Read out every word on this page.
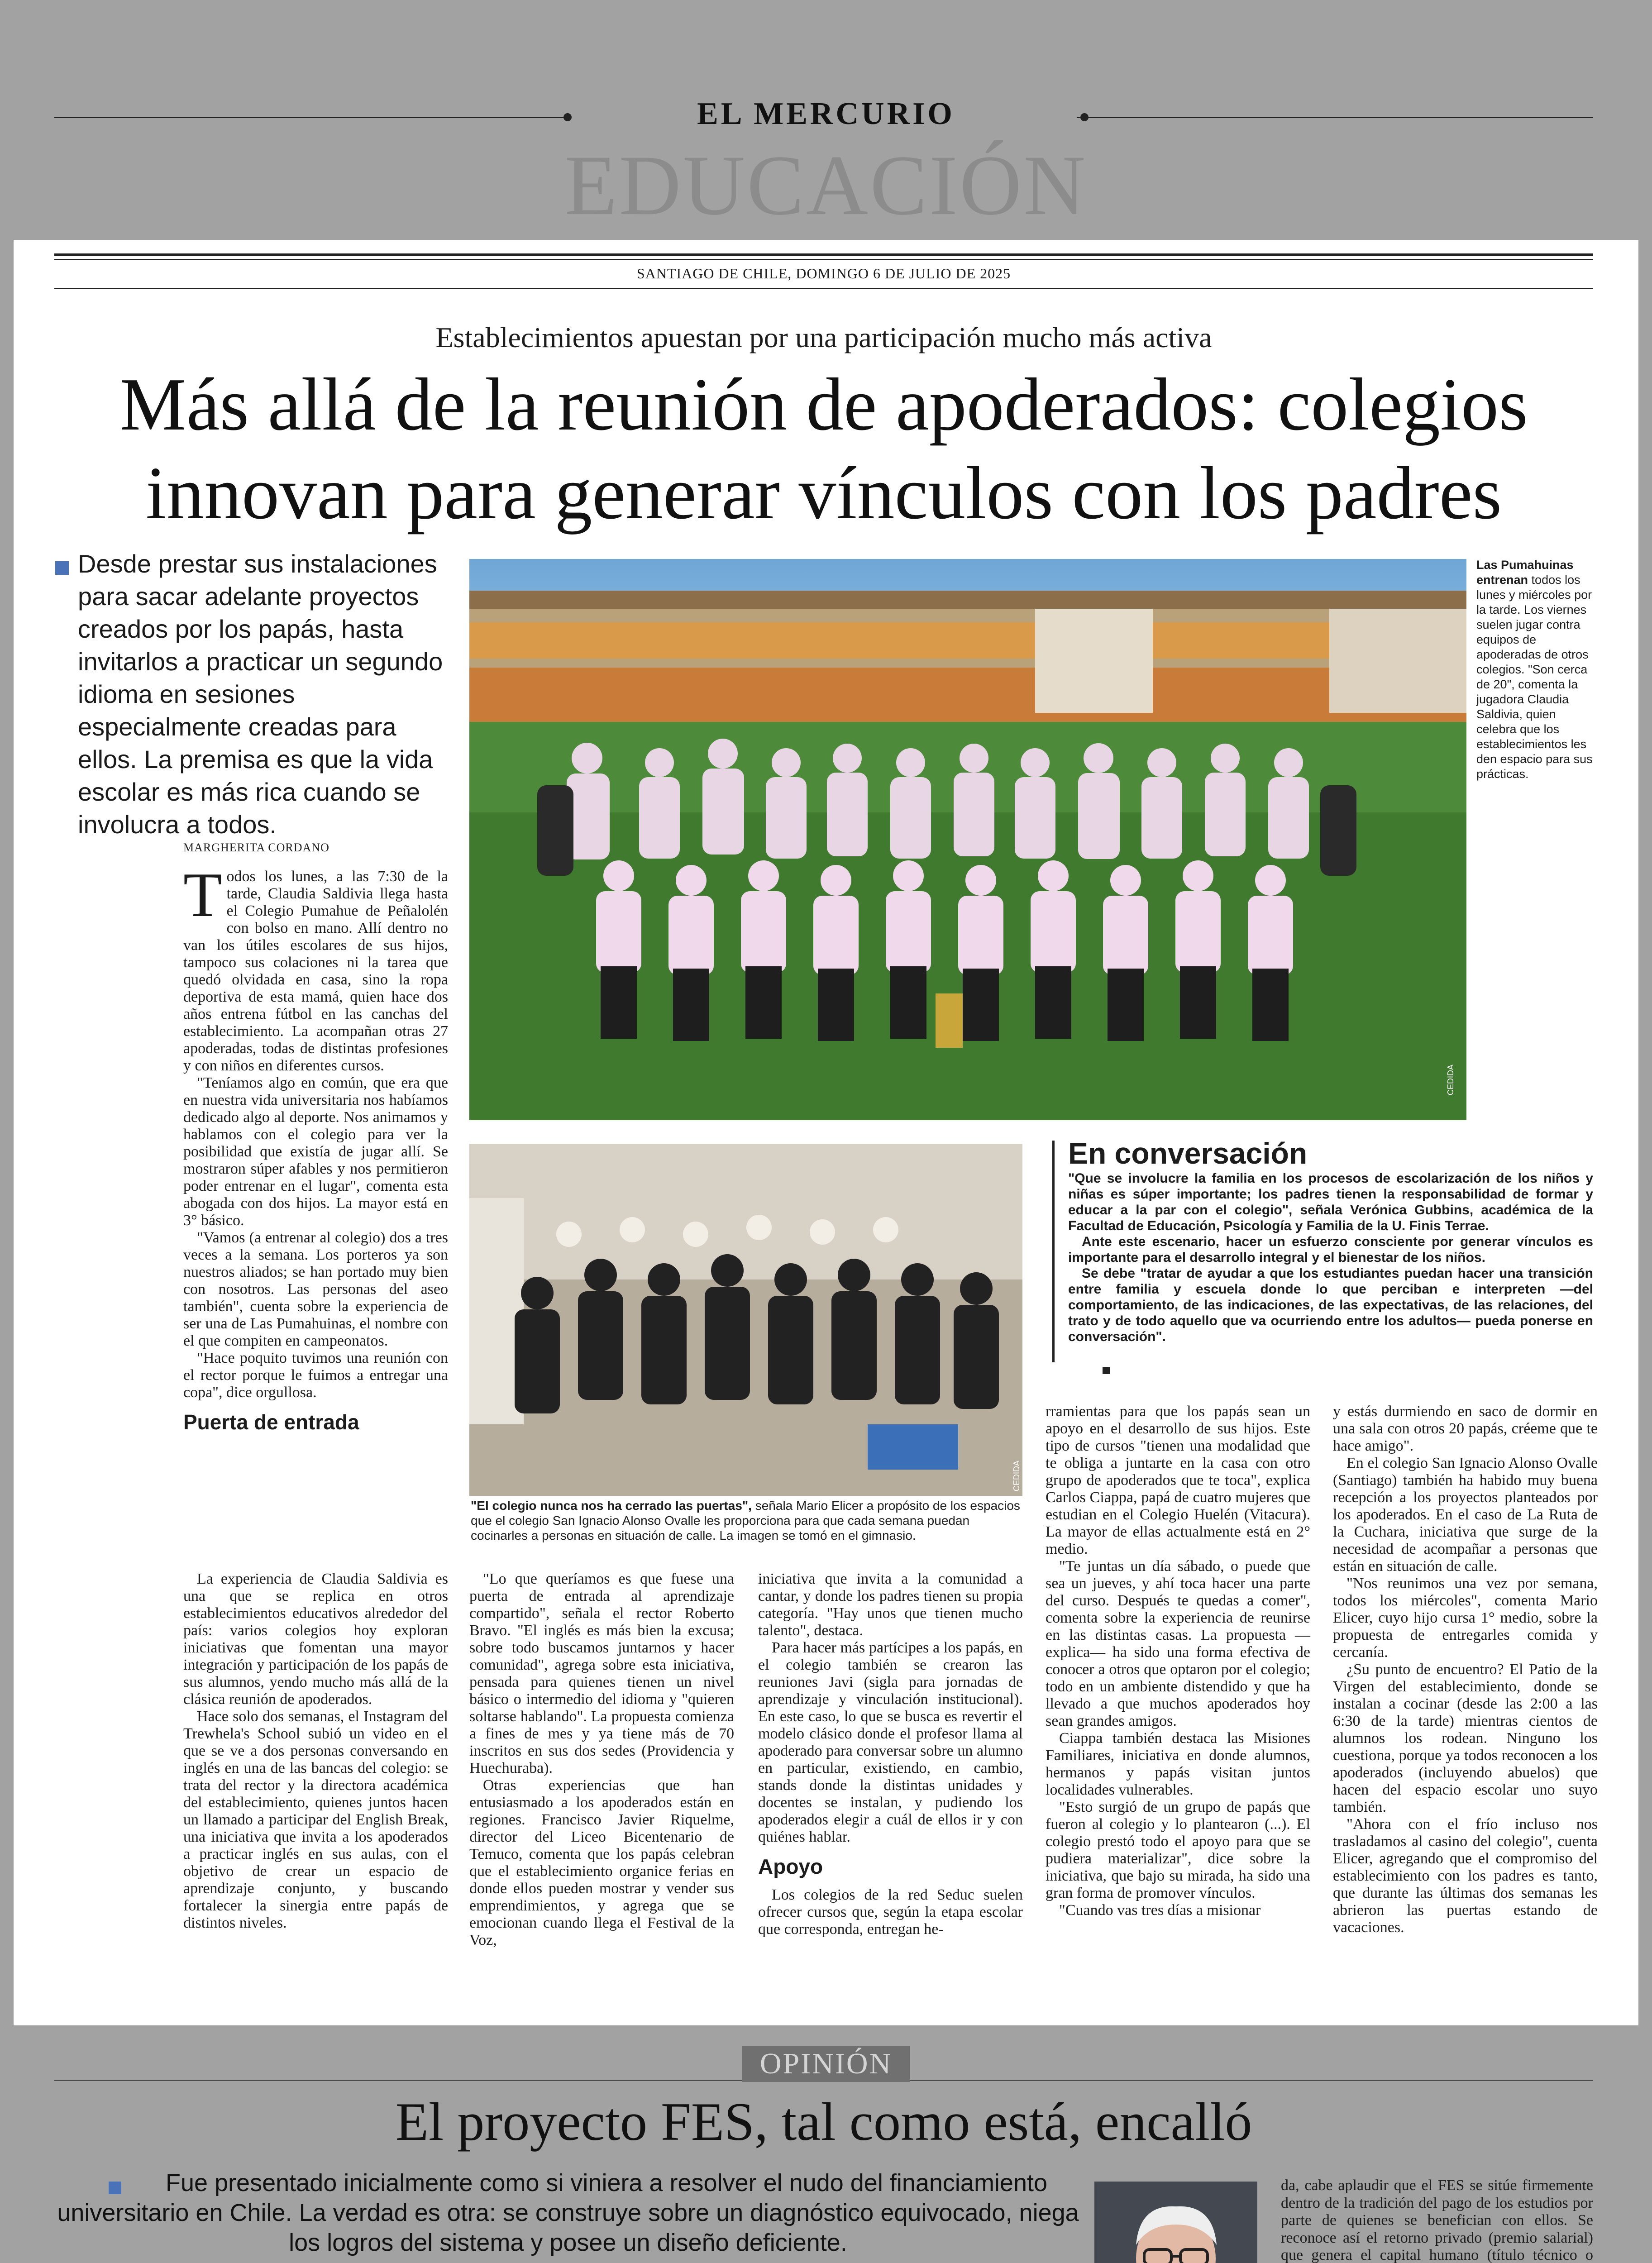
EL MERCURIO
EDUCACIÓN
SANTIAGO DE CHILE, DOMINGO 6 DE JULIO DE 2025
Establecimientos apuestan por una participación mucho más activa
Más allá de la reunión de apoderados: colegios innovan para generar vínculos con los padres
Desde prestar sus instalaciones para sacar adelante proyectos creados por los papás, hasta invitarlos a practicar un segundo idioma en sesiones especialmente creadas para ellos. La premisa es que la vida escolar es más rica cuando se involucra a todos.
MARGHERITA CORDANO
CEDIDA
Las Pumahuinas entrenan todos los lunes y miércoles por la tarde. Los viernes suelen jugar contra equipos de apoderadas de otros colegios. "Son cerca de 20", comenta la jugadora Claudia Saldivia, quien celebra que los establecimientos les den espacio para sus prácticas.
CEDIDA
"El colegio nunca nos ha cerrado las puertas", señala Mario Elicer a propósito de los espacios que el colegio San Ignacio Alonso Ovalle les proporciona para que cada semana puedan cocinarles a personas en situación de calle. La imagen se tomó en el gimnasio.
En conversación
"Que se involucre la familia en los procesos de escolarización de los niños y niñas es súper importante; los padres tienen la responsabilidad de formar y educar a la par con el colegio", señala Verónica Gubbins, académica de la Facultad de Educación, Psicología y Familia de la U. Finis Terrae.
Ante este escenario, hacer un esfuerzo consciente por generar vínculos es importante para el desarrollo integral y el bienestar de los niños.
Se debe "tratar de ayudar a que los estudiantes puedan hacer una transición entre familia y escuela donde lo que perciban e interpreten —del comportamiento, de las indicaciones, de las expectativas, de las relaciones, del trato y de todo aquello que va ocurriendo entre los adultos— pueda ponerse en conversación".
T odos los lunes, a las 7:30 de la tarde, Claudia Saldivia llega hasta el Colegio Pumahue de Peñalolén con bolso en mano. Allí dentro no van los útiles escolares de sus hijos, tampoco sus colaciones ni la tarea que quedó olvidada en casa, sino la ropa deportiva de esta mamá, quien hace dos años entrena fútbol en las canchas del establecimiento. La acompañan otras 27 apoderadas, todas de distintas profesiones y con niños en diferentes cursos.

"Teníamos algo en común, que era que en nuestra vida universitaria nos habíamos dedicado algo al deporte. Nos animamos y hablamos con el colegio para ver la posibilidad que existía de jugar allí. Se mostraron súper afables y nos permitieron poder entrenar en el lugar", comenta esta abogada con dos hijos. La mayor está en 3° básico.

"Vamos (a entrenar al colegio) dos a tres veces a la semana. Los porteros ya son nuestros aliados; se han portado muy bien con nosotros. Las personas del aseo también", cuenta sobre la experiencia de ser una de Las Pumahuinas, el nombre con el que compiten en campeonatos.

"Hace poquito tuvimos una reunión con el rector porque le fuimos a entregar una copa", dice orgullosa.

Puerta de entrada

La experiencia de Claudia Saldivia es una que se replica en otros establecimientos educativos alrededor del país: varios colegios hoy exploran iniciativas que fomentan una mayor integración y participación de los papás de sus alumnos, yendo mucho más allá de la clásica reunión de apoderados.

Hace solo dos semanas, el Instagram del Trewhela's School subió un video en el que se ve a dos personas conversando en inglés en una de las bancas del colegio: se trata del rector y la directora académica del establecimiento, quienes juntos hacen un llamado a participar del English Break, una iniciativa que invita a los apoderados a practicar inglés en sus aulas, con el objetivo de crear un espacio de aprendizaje conjunto, y buscando fortalecer la sinergia entre papás de distintos niveles.

"Lo que queríamos es que fuese una puerta de entrada al aprendizaje compartido", señala el rector Roberto Bravo. "El inglés es más bien la excusa; sobre todo buscamos juntarnos y hacer comunidad", agrega sobre esta iniciativa, pensada para quienes tienen un nivel básico o intermedio del idioma y "quieren soltarse hablando". La propuesta comienza a fines de mes y ya tiene más de 70 inscritos en sus dos sedes (Providencia y Huechuraba).

Otras experiencias que han entusiasmado a los apoderados están en regiones. Francisco Javier Riquelme, director del Liceo Bicentenario de Temuco, comenta que los papás celebran que el establecimiento organice ferias en donde ellos pueden mostrar y vender sus emprendimientos, y agrega que se emocionan cuando llega el Festival de la Voz,

iniciativa que invita a la comunidad a cantar, y donde los padres tienen su propia categoría. "Hay unos que tienen mucho talento", destaca.

Para hacer más partícipes a los papás, en el colegio también se crearon las reuniones Javi (sigla para jornadas de aprendizaje y vinculación institucional). En este caso, lo que se busca es revertir el modelo clásico donde el profesor llama al apoderado para conversar sobre un alumno en particular, existiendo, en cambio, stands donde la distintas unidades y docentes se instalan, y pudiendo los apoderados elegir a cuál de ellos ir y con quiénes hablar.

Apoyo

Los colegios de la red Seduc suelen ofrecer cursos que, según la etapa escolar que corresponda, entregan he-

rramientas para que los papás sean un apoyo en el desarrollo de sus hijos. Este tipo de cursos "tienen una modalidad que te obliga a juntarte en la casa con otro grupo de apoderados que te toca", explica Carlos Ciappa, papá de cuatro mujeres que estudian en el Colegio Huelén (Vitacura). La mayor de ellas actualmente está en 2° medio.

"Te juntas un día sábado, o puede que sea un jueves, y ahí toca hacer una parte del curso. Después te quedas a comer", comenta sobre la experiencia de reunirse en las distintas casas. La propuesta —explica— ha sido una forma efectiva de conocer a otros que optaron por el colegio; todo en un ambiente distendido y que ha llevado a que muchos apoderados hoy sean grandes amigos.

Ciappa también destaca las Misiones Familiares, iniciativa en donde alumnos, hermanos y papás visitan juntos localidades vulnerables.

"Esto surgió de un grupo de papás que fueron al colegio y lo plantearon (...). El colegio prestó todo el apoyo para que se pudiera materializar", dice sobre la iniciativa, que bajo su mirada, ha sido una gran forma de promover vínculos.

"Cuando vas tres días a misionar

y estás durmiendo en saco de dormir en una sala con otros 20 papás, créeme que te hace amigo".

En el colegio San Ignacio Alonso Ovalle (Santiago) también ha habido muy buena recepción a los proyectos planteados por los apoderados. En el caso de La Ruta de la Cuchara, iniciativa que surge de la necesidad de acompañar a personas que están en situación de calle.

"Nos reunimos una vez por semana, todos los miércoles", comenta Mario Elicer, cuyo hijo cursa 1° medio, sobre la propuesta de entregarles comida y cercanía.

¿Su punto de encuentro? El Patio de la Virgen del establecimiento, donde se instalan a cocinar (desde las 2:00 a las 6:30 de la tarde) mientras cientos de alumnos los rodean. Ninguno los cuestiona, porque ya todos reconocen a los apoderados (incluyendo abuelos) que hacen del espacio escolar uno suyo también.

"Ahora con el frío incluso nos trasladamos al casino del colegio", cuenta Elicer, agregando que el compromiso del establecimiento con los padres es tanto, que durante las últimas dos semanas les abrieron las puertas estando de vacaciones.

OPINIÓN
El proyecto FES, tal como está, encalló
Fue presentado inicialmente como si viniera a resolver el nudo del financiamiento universitario en Chile. La verdad es otra: se construye sobre un diagnóstico equivocado, niega los logros del sistema y posee un diseño deficiente.

da, cabe aplaudir que el FES se sitúe firmemente dentro de la tradición del pago de los estudios por parte de quienes se benefician con ellos. Se reconoce así el retorno privado (premio salarial) que genera el capital humano (título técnico o
